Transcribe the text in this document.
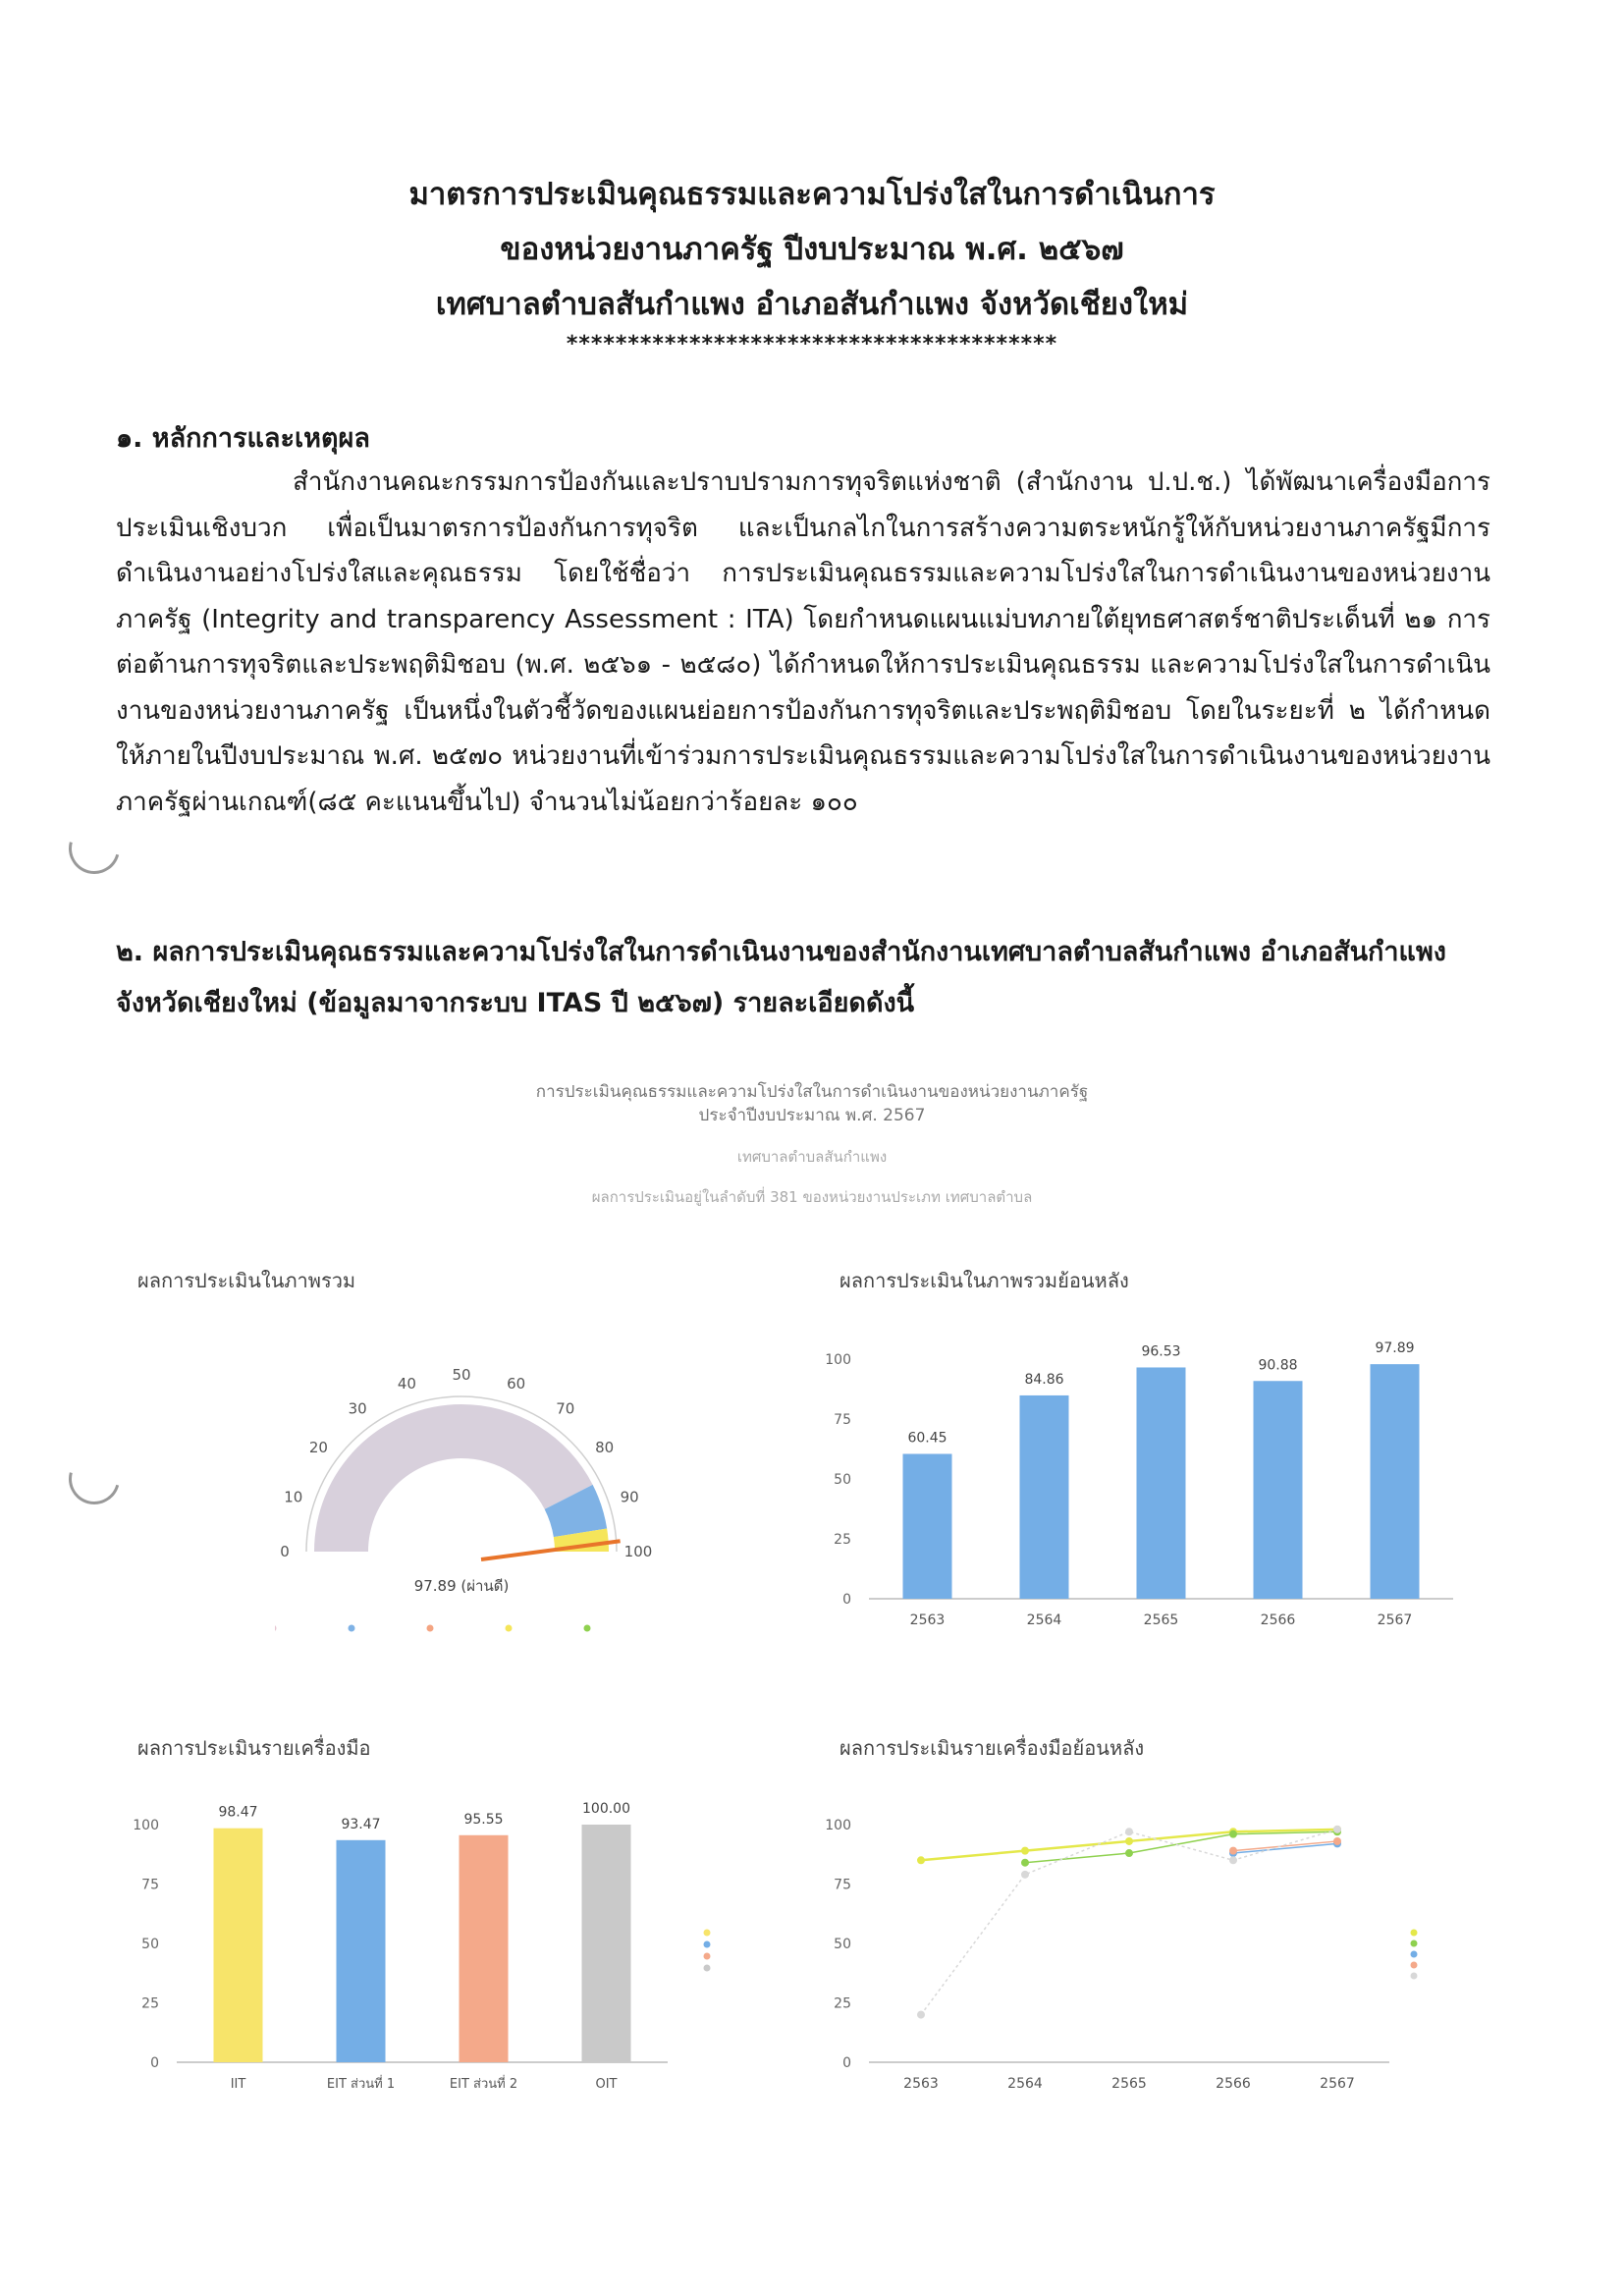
มาตรการประเมินคุณธรรมและความโปร่งใสในการดำเนินการ
ของหน่วยงานภาครัฐ ปีงบประมาณ พ.ศ. ๒๕๖๗
เทศบาลตำบลสันกำแพง อำเภอสันกำแพง จังหวัดเชียงใหม่
****************************************
๑. หลักการและเหตุผล
สำนักงานคณะกรรมการป้องกันและปราบปรามการทุจริตแห่งชาติ (สำนักงาน ป.ป.ช.) ได้พัฒนาเครื่องมือการประเมินเชิงบวก เพื่อเป็นมาตรการป้องกันการทุจริต และเป็นกลไกในการสร้างความตระหนักรู้ให้กับหน่วยงานภาครัฐมีการดำเนินงานอย่างโปร่งใสและคุณธรรม โดยใช้ชื่อว่า การประเมินคุณธรรมและความโปร่งใสในการดำเนินงานของหน่วยงานภาครัฐ (Integrity and transparency Assessment : ITA) โดยกำหนดแผนแม่บทภายใต้ยุทธศาสตร์ชาติประเด็นที่ ๒๑ การต่อต้านการทุจริตและประพฤติมิชอบ (พ.ศ. ๒๕๖๑ - ๒๕๘๐) ได้กำหนดให้การประเมินคุณธรรม และความโปร่งใสในการดำเนินงานของหน่วยงานภาครัฐ เป็นหนึ่งในตัวชี้วัดของแผนย่อยการป้องกันการทุจริตและประพฤติมิชอบ โดยในระยะที่ ๒ ได้กำหนดให้ภายในปีงบประมาณ พ.ศ. ๒๕๗๐ หน่วยงานที่เข้าร่วมการประเมินคุณธรรมและความโปร่งใสในการดำเนินงานของหน่วยงาน ภาครัฐผ่านเกณฑ์(๘๕ คะแนนขึ้นไป) จำนวนไม่น้อยกว่าร้อยละ ๑๐๐
๒. ผลการประเมินคุณธรรมและความโปร่งใสในการดำเนินงานของสำนักงานเทศบาลตำบลสันกำแพง อำเภอสันกำแพง จังหวัดเชียงใหม่ (ข้อมูลมาจากระบบ ITAS ปี ๒๕๖๗) รายละเอียดดังนี้
การประเมินคุณธรรมและความโปร่งใสในการดำเนินงานของหน่วยงานภาครัฐ
ประจำปีงบประมาณ พ.ศ. 2567
เทศบาลตำบลสันกำแพง
ผลการประเมินอยู่ในลำดับที่ 381 ของหน่วยงานประเภท เทศบาลตำบล
ผลการประเมินในภาพรวม	ผลการประเมินในภาพรวมย้อนหลัง
ผลการประเมินรายเครื่องมือ	ผลการประเมินรายเครื่องมือย้อนหลัง
0
10
20
30
40 50 60
70
80
90
100
97.89 (ผ่านดี)
0
25
50
75
100
60.45
2563
84.86
2564
96.53
2565
90.88
2566
97.89
2567
0
25
50
75
100
98.47
IIT
93.47
EIT ส่วนที่ 1
95.55
EIT ส่วนที่ 2
100.00
OIT
0
25
50
75
100
2563	2564	2565	2566	2567
